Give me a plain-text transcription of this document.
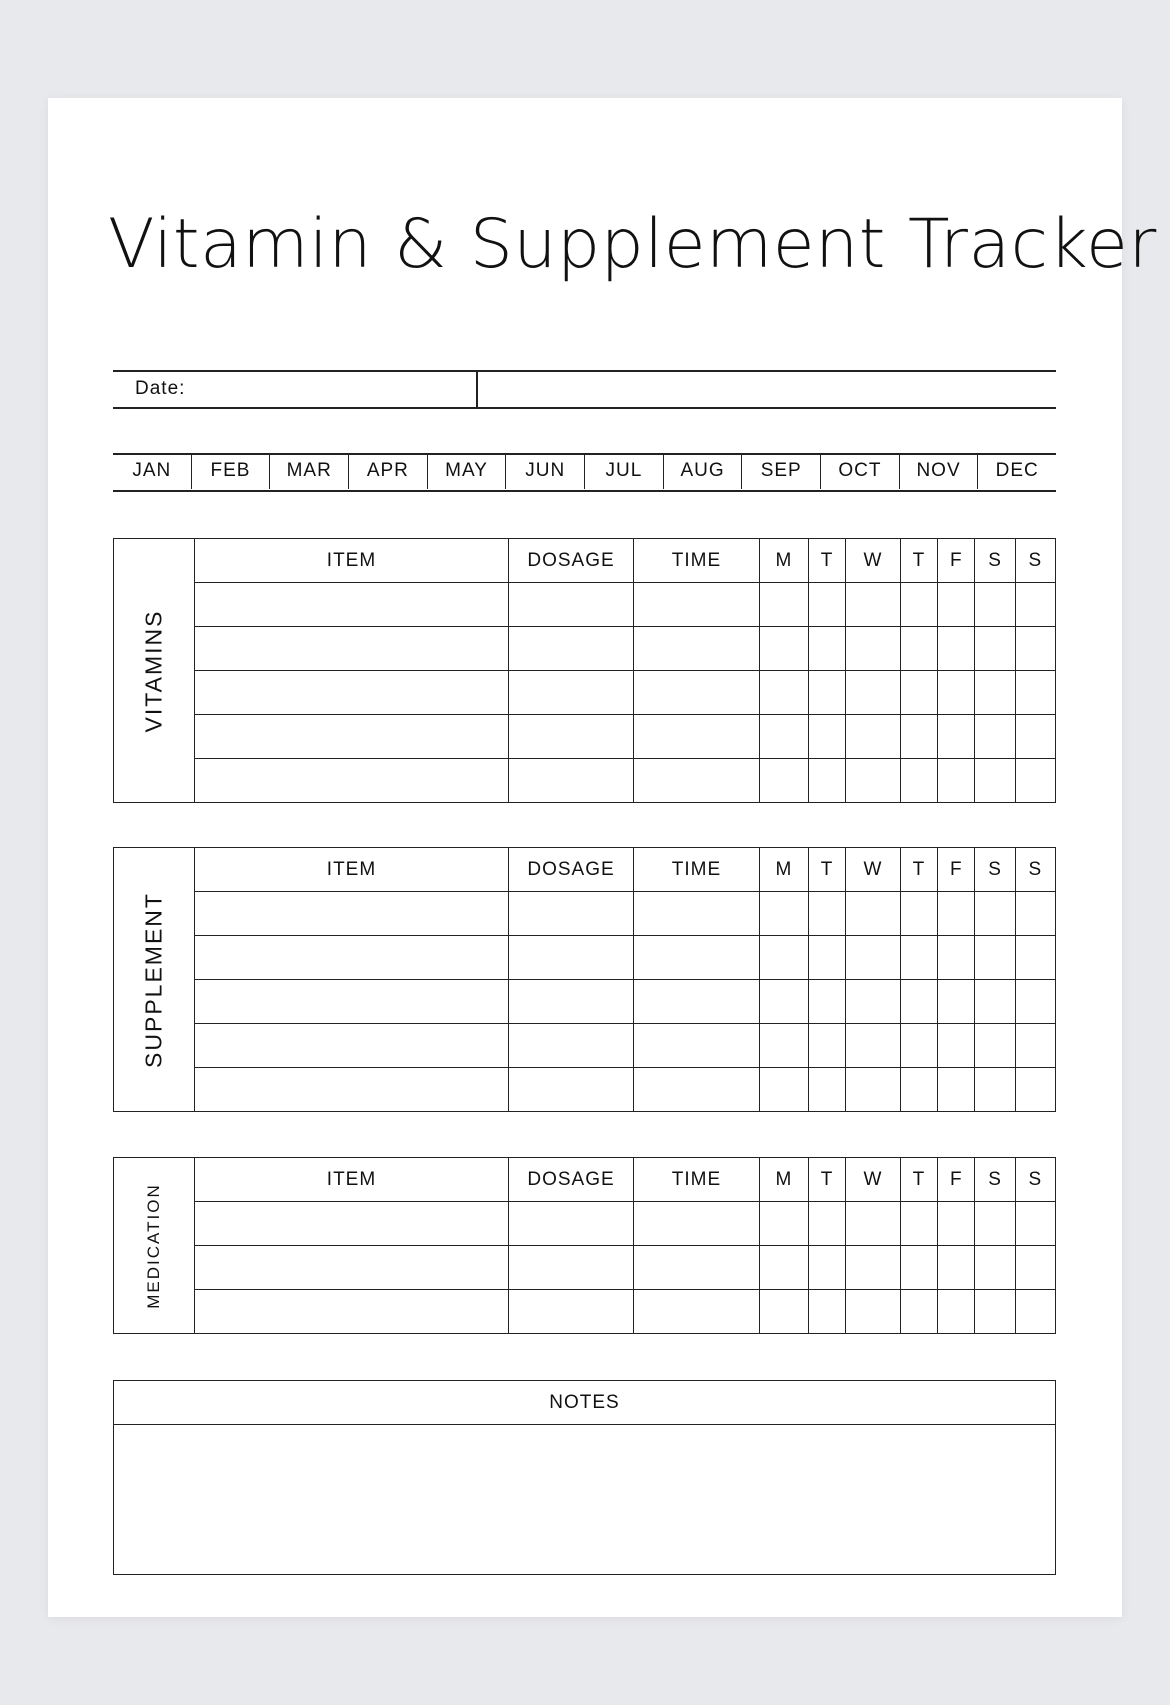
Vitamin & Supplement Tracker
Date:
JAN	FEB	MAR	APR	MAY	JUN	JUL	AUG	SEP	OCT	NOV	DEC
VITAMINS	ITEM	DOSAGE	TIME	M	T	W	T	F	S	S

SUPPLEMENT	ITEM	DOSAGE	TIME	M	T	W	T	F	S	S

MEDICATION	ITEM	DOSAGE	TIME	M	T	W	T	F	S	S

NOTES
